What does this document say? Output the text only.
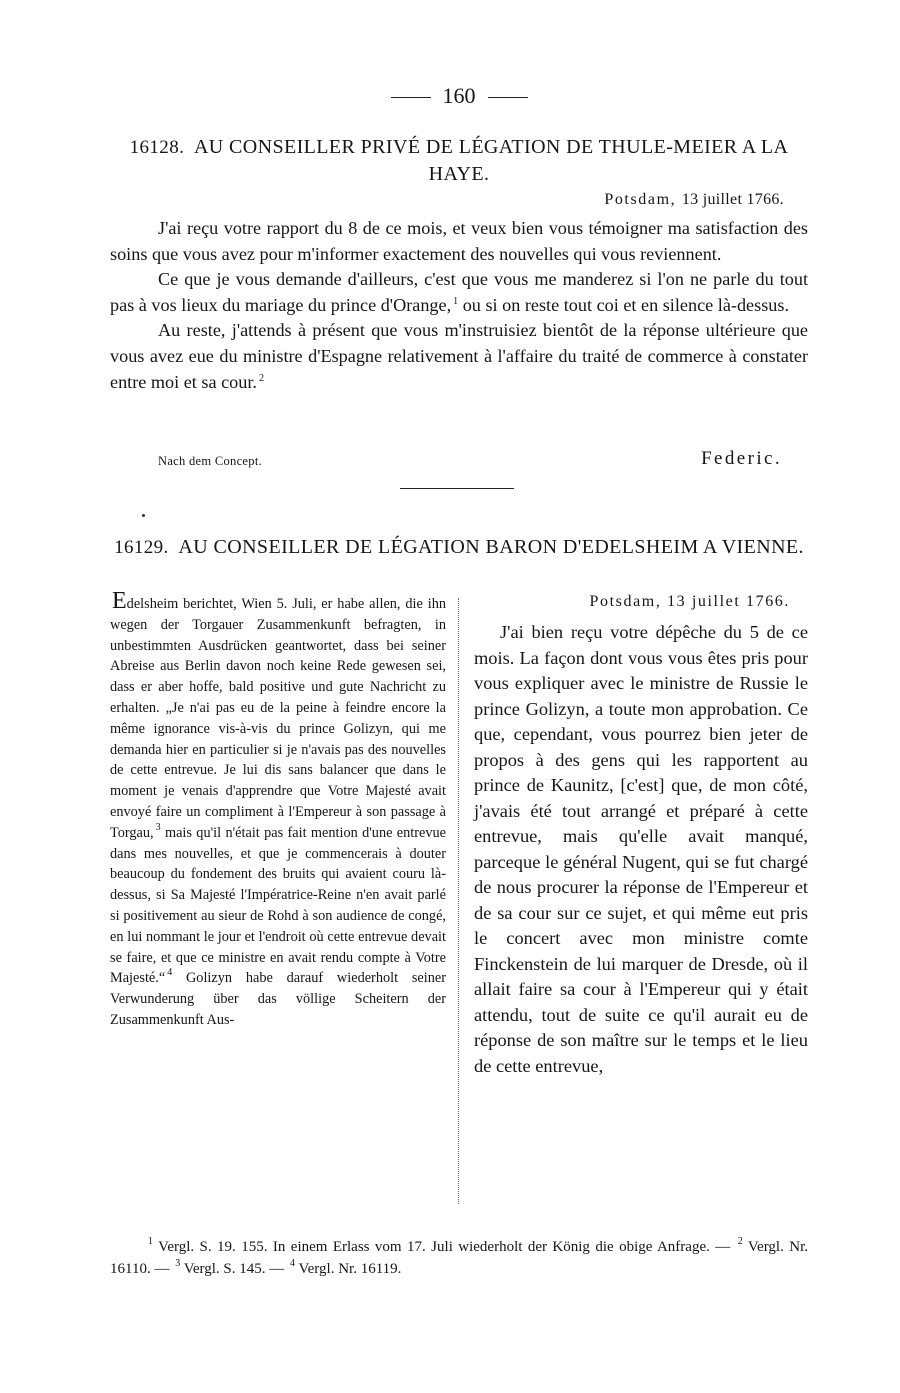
160
16128. AU CONSEILLER PRIVÉ DE LÉGATION DE THULE-MEIER A LA HAYE.
Potsdam, 13 juillet 1766.

J'ai reçu votre rapport du 8 de ce mois, et veux bien vous témoigner ma satisfaction des soins que vous avez pour m'informer exactement des nouvelles qui vous reviennent.

Ce que je vous demande d'ailleurs, c'est que vous me manderez si l'on ne parle du tout pas à vos lieux du mariage du prince d'Orange, $^1$ ou si on reste tout coi et en silence là-dessus.

Au reste, j'attends à présent que vous m'instruisiez bientôt de la réponse ultérieure que vous avez eue du ministre d'Espagne relativement à l'affaire du traité de commerce à constater entre moi et sa cour. $^2$

Nach dem Concept.	Federic.
16129. AU CONSEILLER DE LÉGATION BARON D'EDELSHEIM A VIENNE.

Edelsheim berichtet, Wien 5. Juli, er habe allen, die ihn wegen der Torgauer Zusammenkunft befragten, in unbestimmten Ausdrücken geantwortet, dass bei seiner Abreise aus Berlin davon noch keine Rede gewesen sei, dass er aber hoffe, bald positive und gute Nachricht zu erhalten. „Je n'ai pas eu de la peine à feindre encore la même ignorance vis-à-vis du prince Golizyn, qui me demanda hier en particulier si je n'avais pas des nouvelles de cette entrevue. Je lui dis sans balancer que dans le moment je venais d'apprendre que Votre Majesté avait envoyé faire un compliment à l'Empereur à son passage à Torgau, $^3$ mais qu'il n'était pas fait mention d'une entrevue dans mes nouvelles, et que je commencerais à douter beaucoup du fondement des bruits qui avaient couru là-dessus, si Sa Majesté l'Impératrice-Reine n'en avait parlé si positivement au sieur de Rohd à son audience de congé, en lui nommant le jour et l'endroit où cette entrevue devait se faire, et que ce ministre en avait rendu compte à Votre Majesté.“ $^4$ Golizyn habe darauf wiederholt seiner Verwunderung über das völlige Scheitern der Zusammenkunft Aus-

Potsdam, 13 juillet 1766.

J'ai bien reçu votre dépêche du 5 de ce mois. La façon dont vous vous êtes pris pour vous expliquer avec le ministre de Russie le prince Golizyn, a toute mon approbation. Ce que, cependant, vous pourrez bien jeter de propos à des gens qui les rapportent au prince de Kaunitz, [c'est] que, de mon côté, j'avais été tout arrangé et préparé à cette entrevue, mais qu'elle avait manqué, parceque le général Nugent, qui se fut chargé de nous procurer la réponse de l'Empereur et de sa cour sur ce sujet, et qui même eut pris le concert avec mon ministre comte Finckenstein de lui marquer de Dresde, où il allait faire sa cour à l'Empereur qui y était attendu, tout de suite ce qu'il aurait eu de réponse de son maître sur le temps et le lieu de cette entrevue,

$^1$ Vergl. S. 19. 155. In einem Erlass vom 17. Juli wiederholt der König die obige Anfrage. — $^2$ Vergl. Nr. 16110. — $^3$ Vergl. S. 145. — $^4$ Vergl. Nr. 16119.
